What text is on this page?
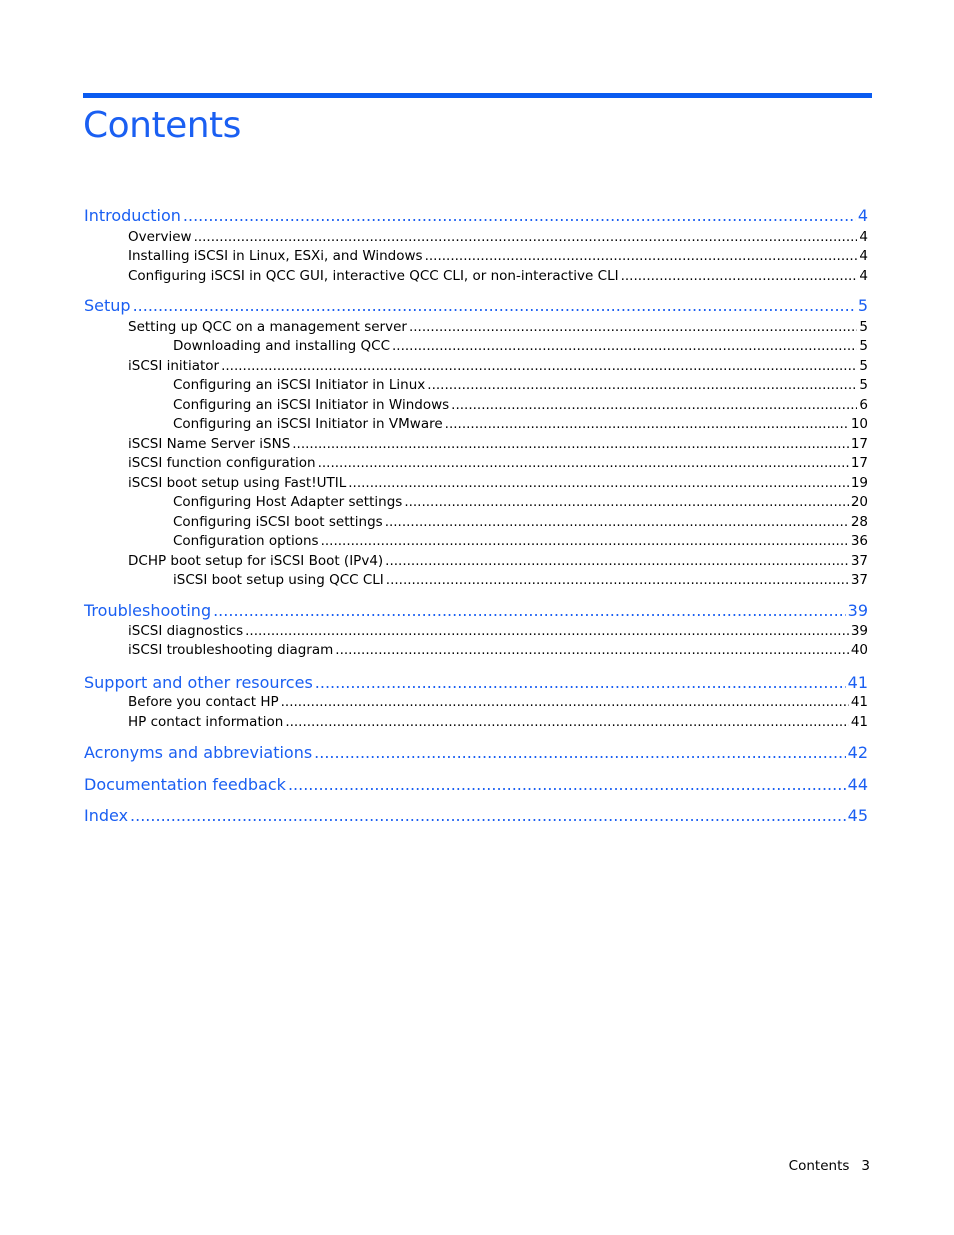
Contents
Introduction .....	4
Overview .....	4
Installing iSCSI in Linux, ESXi, and Windows .....	4
Configuring iSCSI in QCC GUI, interactive QCC CLI, or non-interactive CLI .....	4
Setup .....	5
Setting up QCC on a management server .....	5
Downloading and installing QCC .....	5
iSCSI initiator .....	5
Configuring an iSCSI Initiator in Linux .....	5
Configuring an iSCSI Initiator in Windows .....	6
Configuring an iSCSI Initiator in VMware .....	10
iSCSI Name Server iSNS .....	17
iSCSI function configuration .....	17
iSCSI boot setup using Fast!UTIL .....	19
Configuring Host Adapter settings .....	20
Configuring iSCSI boot settings .....	28
Configuration options .....	36
DCHP boot setup for iSCSI Boot (IPv4) .....	37
iSCSI boot setup using QCC CLI .....	37
Troubleshooting .....	39
iSCSI diagnostics .....	39
iSCSI troubleshooting diagram .....	40
Support and other resources .....	41
Before you contact HP .....	41
HP contact information .....	41
Acronyms and abbreviations .....	42
Documentation feedback .....	44
Index .....	45
Contents 3
